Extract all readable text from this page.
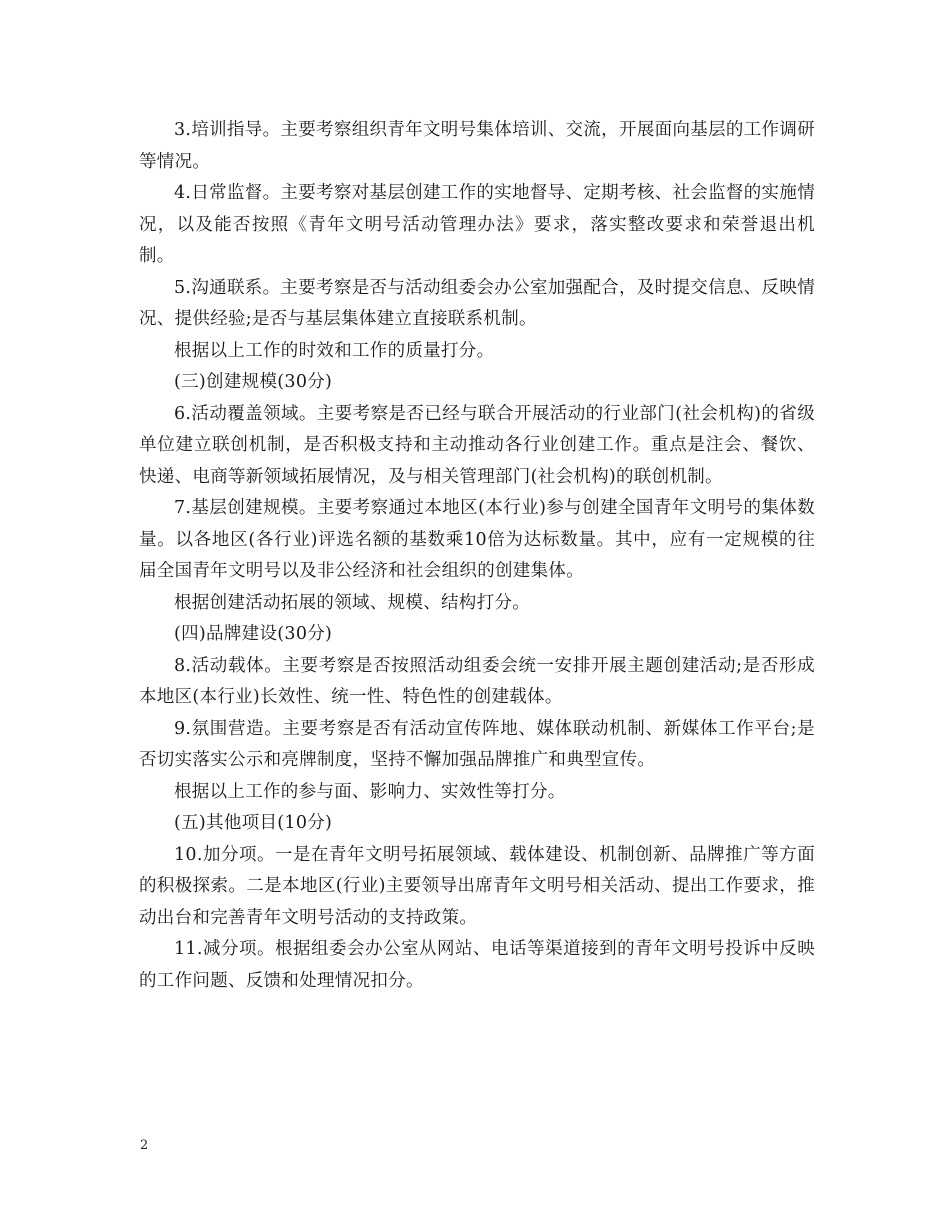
3.培训指导。主要考察组织青年文明号集体培训、交流，开展面向基层的工作调研等情况。

4.日常监督。主要考察对基层创建工作的实地督导、定期考核、社会监督的实施情况，以及能否按照《青年文明号活动管理办法》要求，落实整改要求和荣誉退出机制。

5.沟通联系。主要考察是否与活动组委会办公室加强配合，及时提交信息、反映情况、提供经验;是否与基层集体建立直接联系机制。

根据以上工作的时效和工作的质量打分。

(三)创建规模(30分)

6.活动覆盖领域。主要考察是否已经与联合开展活动的行业部门(社会机构)的省级单位建立联创机制，是否积极支持和主动推动各行业创建工作。重点是注会、餐饮、快递、电商等新领域拓展情况，及与相关管理部门(社会机构)的联创机制。

7.基层创建规模。主要考察通过本地区(本行业)参与创建全国青年文明号的集体数量。以各地区(各行业)评选名额的基数乘10倍为达标数量。其中，应有一定规模的往届全国青年文明号以及非公经济和社会组织的创建集体。

根据创建活动拓展的领域、规模、结构打分。

(四)品牌建设(30分)

8.活动载体。主要考察是否按照活动组委会统一安排开展主题创建活动;是否形成本地区(本行业)长效性、统一性、特色性的创建载体。

9.氛围营造。主要考察是否有活动宣传阵地、媒体联动机制、新媒体工作平台;是否切实落实公示和亮牌制度，坚持不懈加强品牌推广和典型宣传。

根据以上工作的参与面、影响力、实效性等打分。

(五)其他项目(10分)

10.加分项。一是在青年文明号拓展领域、载体建设、机制创新、品牌推广等方面的积极探索。二是本地区(行业)主要领导出席青年文明号相关活动、提出工作要求，推动出台和完善青年文明号活动的支持政策。

11.减分项。根据组委会办公室从网站、电话等渠道接到的青年文明号投诉中反映的工作问题、反馈和处理情况扣分。

2
